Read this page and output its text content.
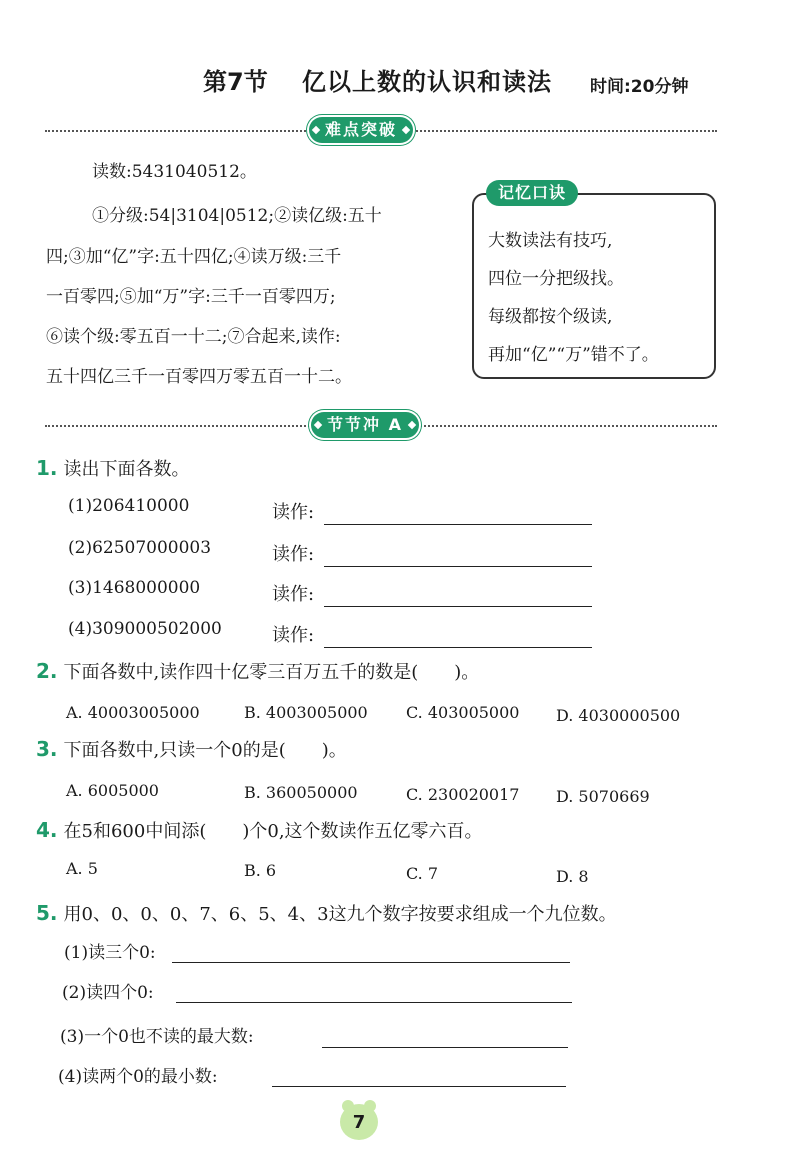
第7节 亿以上数的认识和读法 时间:20分钟
难点突破
读数:5431040512。
①分级:54|3104|0512;②读亿级:五十
四;③加“亿”字:五十四亿;④读万级:三千
一百零四;⑤加“万”字:三千一百零四万;
⑥读个级:零五百一十二;⑦合起来,读作:
五十四亿三千一百零四万零五百一十二。
记忆口诀
大数读法有技巧,
四位一分把级找。
每级都按个级读,
再加“亿”“万”错不了。
节节冲 A
1. 读出下面各数。
(1)206410000	读作:
(2)62507000003	读作:
(3)1468000000	读作:
(4)309000502000	读作:
2. 下面各数中,读作四十亿零三百万五千的数是(　　)。
A. 40003005000	B. 4003005000 C. 403005000 D. 4030000500
3. 下面各数中,只读一个0的是(　　)。
A. 6005000	B. 360050000	C. 230020017 D. 5070669
4. 在5和600中间添(　　)个0,这个数读作五亿零六百。
A. 5	B. 6	C. 7	D. 8
5. 用0、0、0、0、7、6、5、4、3这九个数字按要求组成一个九位数。
(1)读三个0:
(2)读四个0:
(3)一个0也不读的最大数:
(4)读两个0的最小数:
7
